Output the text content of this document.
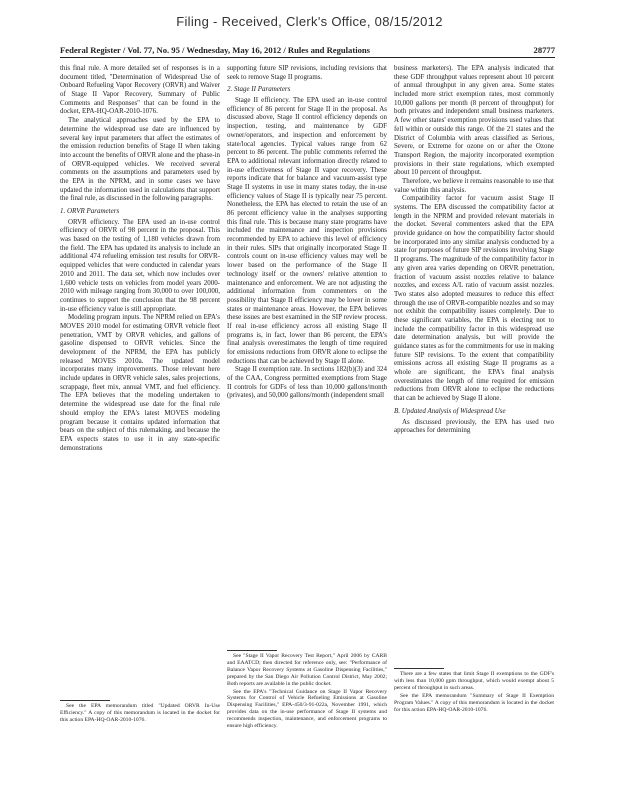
Filing - Received, Clerk's Office, 08/15/2012
Federal Register / Vol. 77, No. 95 / Wednesday, May 16, 2012 / Rules and Regulations	28777

this final rule. A more detailed set of responses is in a document titled, "Determination of Widespread Use of Onboard Refueling Vapor Recovery (ORVR) and Waiver of Stage II Vapor Recovery, Summary of Public Comments and Responses" that can be found in the docket, EPA-HQ-OAR-2010-1076.

The analytical approaches used by the EPA to determine the widespread use date are influenced by several key input parameters that affect the estimates of the emission reduction benefits of Stage II when taking into account the benefits of ORVR alone and the phase-in of ORVR-equipped vehicles. We received several comments on the assumptions and parameters used by the EPA in the NPRM, and in some cases we have updated the information used in calculations that support the final rule, as discussed in the following paragraphs.

1. ORVR Parameters

ORVR efficiency. The EPA used an in-use control efficiency of ORVR of 98 percent in the proposal. This was based on the testing of 1,180 vehicles drawn from the field. The EPA has updated its analysis to include an additional 474 refueling emission test results for ORVR-equipped vehicles that were conducted in calendar years 2010 and 2011. The data set, which now includes over 1,600 vehicle tests on vehicles from model years 2000-2010 with mileage ranging from 30,000 to over 100,000, continues to support the conclusion that the 98 percent in-use efficiency value is still appropriate.

Modeling program inputs. The NPRM relied on EPA's MOVES 2010 model for estimating ORVR vehicle fleet penetration, VMT by ORVR vehicles, and gallons of gasoline dispensed to ORVR vehicles. Since the development of the NPRM, the EPA has publicly released MOVES 2010a. The updated model incorporates many improvements. Those relevant here include updates in ORVR vehicle sales, sales projections, scrappage, fleet mix, annual VMT, and fuel efficiency. The EPA believes that the modeling undertaken to determine the widespread use date for the final rule should employ the EPA's latest MOVES modeling program because it contains updated information that bears on the subject of this rulemaking, and because the EPA expects states to use it in any state-specific demonstrations

See the EPA memorandum titled "Updated ORVR In-Use Efficiency." A copy of this memorandum is located in the docket for this action EPA-HQ-OAR-2010-1076.

supporting future SIP revisions, including revisions that seek to remove Stage II programs.

2. Stage II Parameters

Stage II efficiency. The EPA used an in-use control efficiency of 86 percent for Stage II in the proposal. As discussed above, Stage II control efficiency depends on inspection, testing, and maintenance by GDF owner/operators, and inspection and enforcement by state/local agencies. Typical values range from 62 percent to 86 percent. The public comments referred the EPA to additional relevant information directly related to in-use effectiveness of Stage II vapor recovery. These reports indicate that for balance and vacuum-assist type Stage II systems in use in many states today, the in-use efficiency values of Stage II is typically near 75 percent. Nonetheless, the EPA has elected to retain the use of an 86 percent efficiency value in the analyses supporting this final rule. This is because many state programs have included the maintenance and inspection provisions recommended by EPA to achieve this level of efficiency in their rules. SIPs that originally incorporated Stage II controls count on in-use efficiency values may well be lower based on the performance of the Stage II technology itself or the owners' relative attention to maintenance and enforcement. We are not adjusting the additional information from commenters on the possibility that Stage II efficiency may be lower in some states or maintenance areas. However, the EPA believes these issues are best examined in the SIP review process. If real in-use efficiency across all existing Stage II programs is, in fact, lower than 86 percent, the EPA's final analysis overestimates the length of time required for emissions reductions from ORVR alone to eclipse the reductions that can be achieved by Stage II alone.

Stage II exemption rate. In sections 182(b)(3) and 324 of the CAA, Congress permitted exemptions from Stage II controls for GDFs of less than 10,000 gallons/month (privates), and 50,000 gallons/month (independent small

See "Stage II Vapor Recovery Test Report," April 2006 by CARB and EAATCD; then directed for reference only, see: "Performance of Balance Vapor Recovery Systems at Gasoline Dispensing Facilities," prepared by the San Diego Air Pollution Control District, May 2002; Both reports are available in the public docket.

See the EPA's "Technical Guidance on Stage II Vapor Recovery Systems for Control of Vehicle Refueling Emissions at Gasoline Dispensing Facilities," EPA-450/3-91-022a, November 1991, which provides data on the in-use performance of Stage II systems and recommends inspection, maintenance, and enforcement programs to ensure high efficiency.

business marketers). The EPA analysis indicated that these GDF throughput values represent about 10 percent of annual throughput in any given area. Some states included more strict exemption rates, most commonly 10,000 gallons per month (8 percent of throughput) for both privates and independent small business marketers. A few other states' exemption provisions used values that fell within or outside this range. Of the 21 states and the District of Columbia with areas classified as Serious, Severe, or Extreme for ozone on or after the Ozone Transport Region, the majority incorporated exemption provisions in their state regulations, which exempted about 10 percent of throughput.

Therefore, we believe it remains reasonable to use that value within this analysis.

Compatibility factor for vacuum assist Stage II systems. The EPA discussed the compatibility factor at length in the NPRM and provided relevant materials in the docket. Several commenters asked that the EPA provide guidance on how the compatibility factor should be incorporated into any similar analysis conducted by a state for purposes of future SIP revisions involving Stage II programs. The magnitude of the compatibility factor in any given area varies depending on ORVR penetration, fraction of vacuum assist nozzles relative to balance nozzles, and excess A/L ratio of vacuum assist nozzles. Two states also adopted measures to reduce this effect through the use of ORVR-compatible nozzles and so may not exhibit the compatibility issues completely. Due to these significant variables, the EPA is electing not to include the compatibility factor in this widespread use date determination analysis, but will provide the guidance states as for the commitments for use in making future SIP revisions. To the extent that compatibility emissions across all existing Stage II programs as a whole are significant, the EPA's final analysis overestimates the length of time required for emission reductions from ORVR alone to eclipse the reductions that can be achieved by Stage II alone.

B. Updated Analysis of Widespread Use

As discussed previously, the EPA has used two approaches for determining

There are a few states that limit Stage II exemptions to the GDF's with less than 10,000 gpm throughput, which would exempt about 5 percent of throughput in such areas.

See the EPA memorandum "Summary of Stage II Exemption Program Values." A copy of this memorandum is located in the docket for this action EPA-HQ-OAR-2010-1076.
